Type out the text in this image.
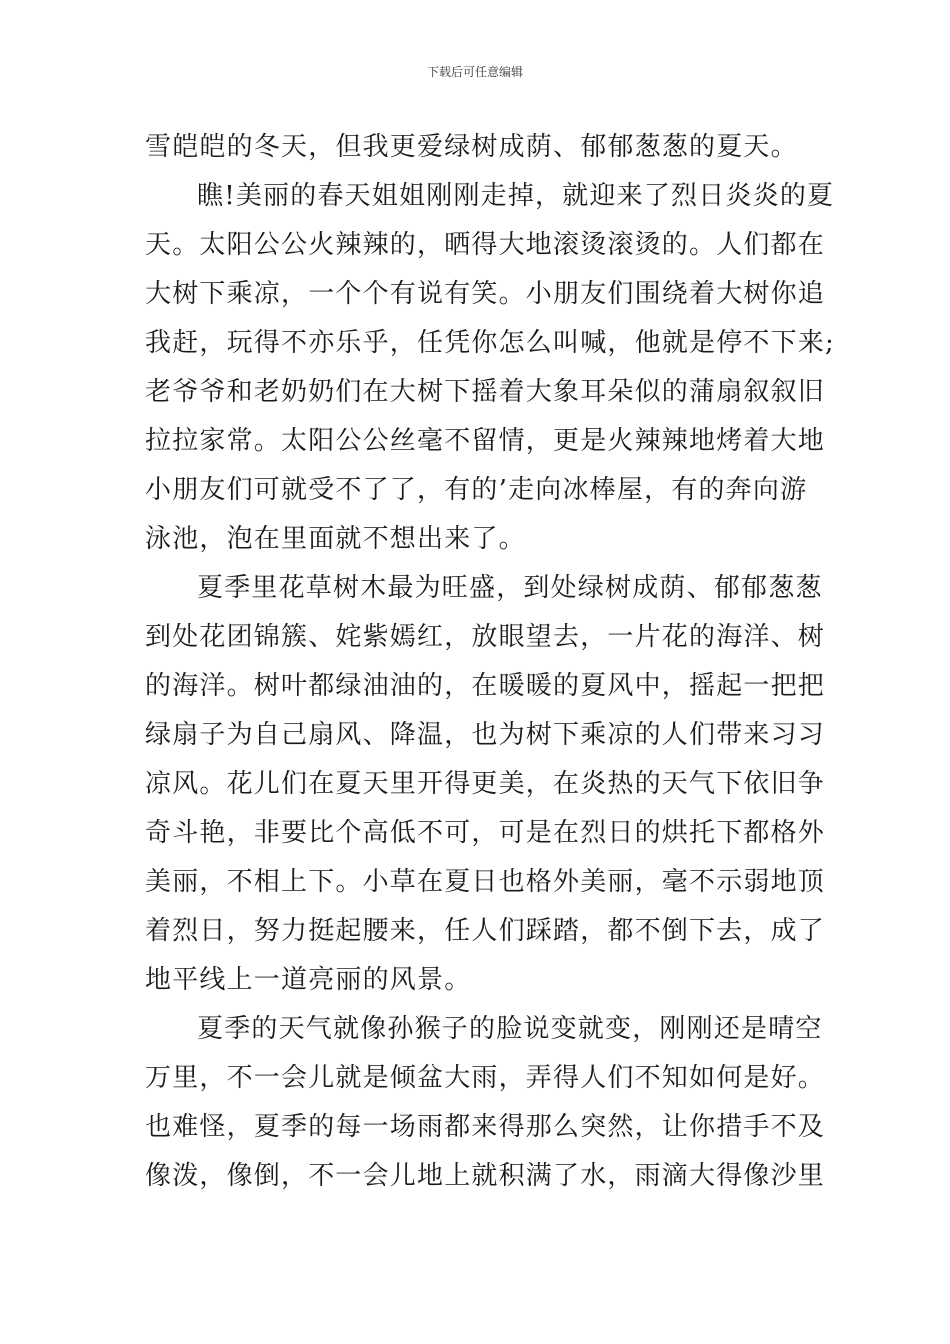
下载后可任意编辑
雪皑皑的冬天，但我更爱绿树成荫、郁郁葱葱的夏天。
瞧!美丽的春天姐姐刚刚走掉，就迎来了烈日炎炎的夏
天。太阳公公火辣辣的，晒得大地滚烫滚烫的。人们都在
大树下乘凉，一个个有说有笑。小朋友们围绕着大树你追
我赶，玩得不亦乐乎，任凭你怎么叫喊，他就是停不下来;
老爷爷和老奶奶们在大树下摇着大象耳朵似的蒲扇叙叙旧
拉拉家常。太阳公公丝毫不留情，更是火辣辣地烤着大地
小朋友们可就受不了了，有的’走向冰棒屋，有的奔向游
泳池，泡在里面就不想出来了。
夏季里花草树木最为旺盛，到处绿树成荫、郁郁葱葱
到处花团锦簇、姹紫嫣红，放眼望去，一片花的海洋、树
的海洋。树叶都绿油油的，在暖暖的夏风中，摇起一把把
绿扇子为自己扇风、降温，也为树下乘凉的人们带来习习
凉风。花儿们在夏天里开得更美，在炎热的天气下依旧争
奇斗艳，非要比个高低不可，可是在烈日的烘托下都格外
美丽，不相上下。小草在夏日也格外美丽，毫不示弱地顶
着烈日，努力挺起腰来，任人们踩踏，都不倒下去，成了
地平线上一道亮丽的风景。
夏季的天气就像孙猴子的脸说变就变，刚刚还是晴空
万里，不一会儿就是倾盆大雨，弄得人们不知如何是好。
也难怪，夏季的每一场雨都来得那么突然，让你措手不及
像泼，像倒，不一会儿地上就积满了水，雨滴大得像沙里
